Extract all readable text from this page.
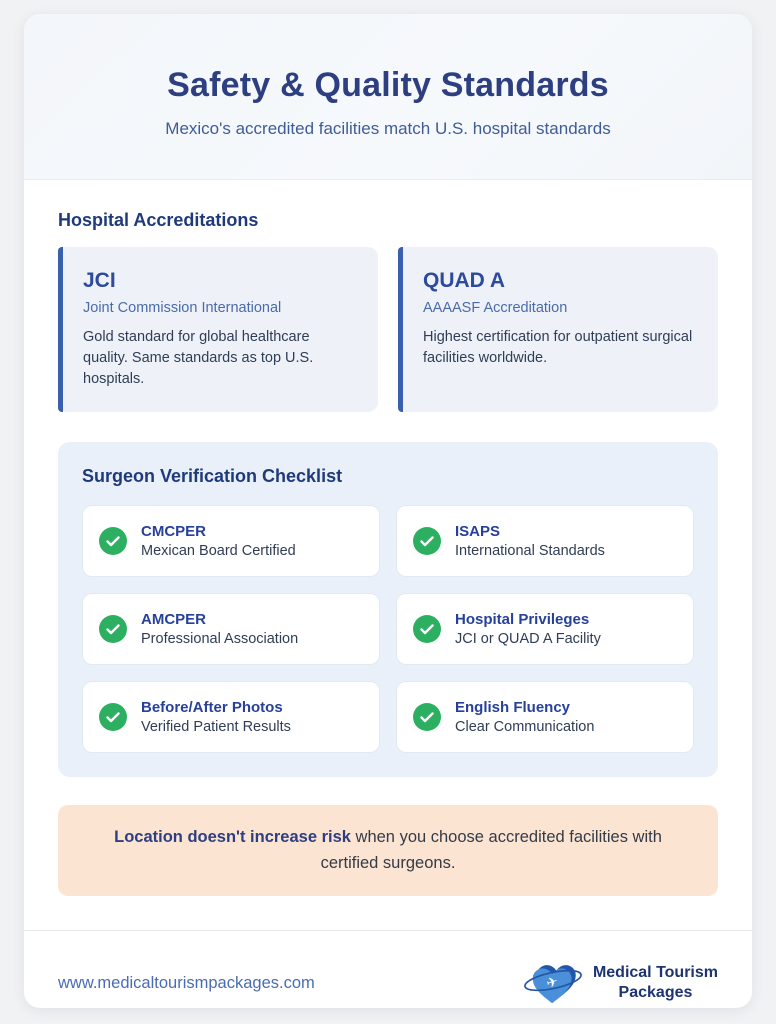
Safety & Quality Standards
Mexico's accredited facilities match U.S. hospital standards
Hospital Accreditations
JCI
Joint Commission International
Gold standard for global healthcare quality. Same standards as top U.S. hospitals.
QUAD A
AAAASF Accreditation
Highest certification for outpatient surgical facilities worldwide.
Surgeon Verification Checklist
CMCPER
Mexican Board Certified
ISAPS
International Standards
AMCPER
Professional Association
Hospital Privileges
JCI or QUAD A Facility
Before/After Photos
Verified Patient Results
English Fluency
Clear Communication
Location doesn't increase risk when you choose accredited facilities with certified surgeons.
www.medicaltourismpackages.com	✈
Medical Tourism
Packages
